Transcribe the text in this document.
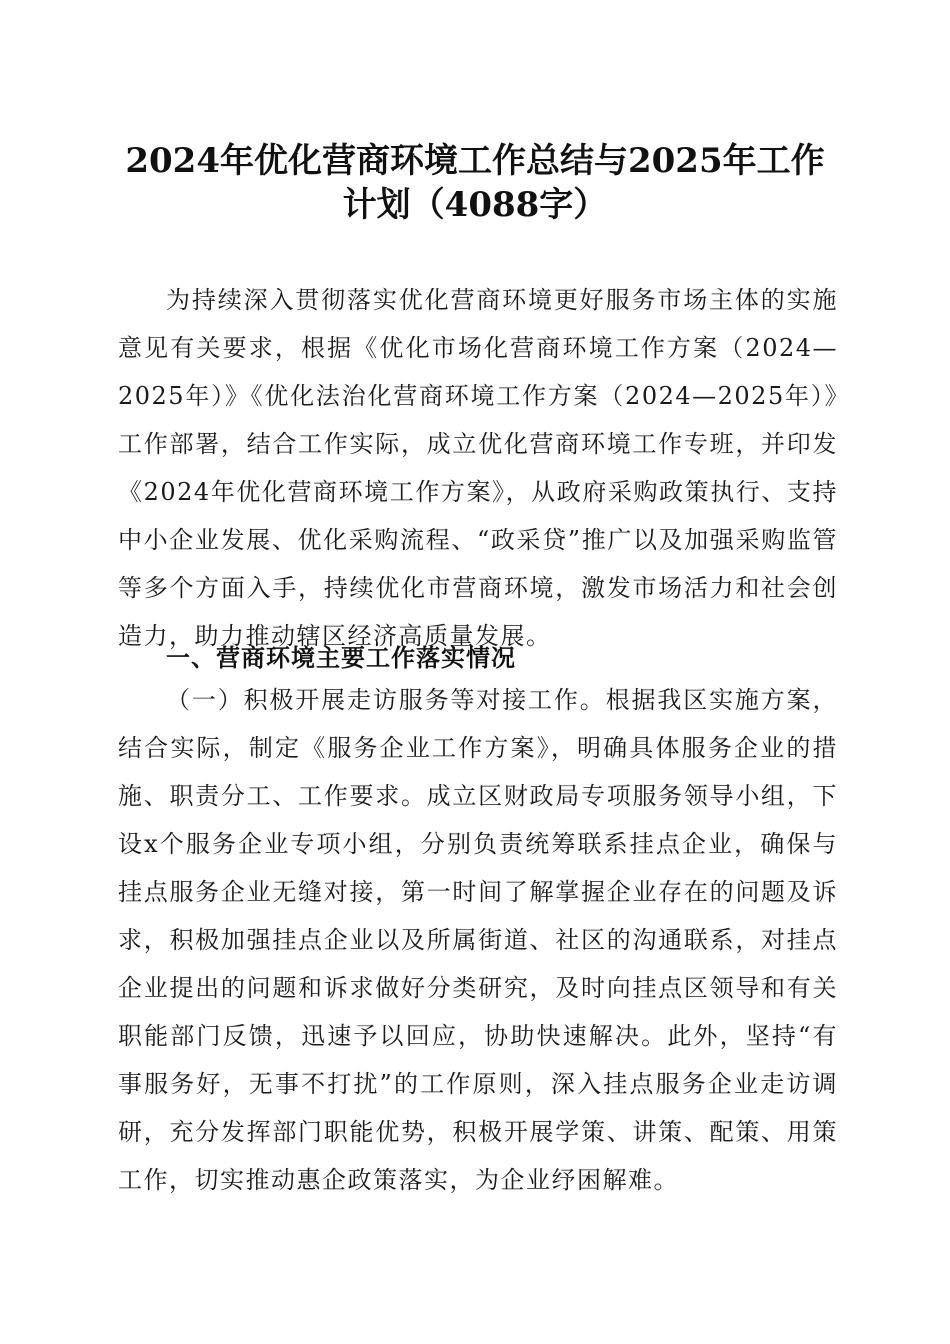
2024年优化营商环境工作总结与2025年工作
计划（4088字）
为持续深入贯彻落实优化营商环境更好服务市场主体的实施意见有关要求，根据《优化市场化营商环境工作方案（2024—2025年）》《优化法治化营商环境工作方案（2024—2025年）》工作部署，结合工作实际，成立优化营商环境工作专班，并印发《2024年优化营商环境工作方案》，从政府采购政策执行、支持中小企业发展、优化采购流程、“政采贷”推广以及加强采购监管等多个方面入手，持续优化市营商环境，激发市场活力和社会创造力，助力推动辖区经济高质量发展。
一、营商环境主要工作落实情况
（一）积极开展走访服务等对接工作。根据我区实施方案，结合实际，制定《服务企业工作方案》，明确具体服务企业的措施、职责分工、工作要求。成立区财政局专项服务领导小组，下设x个服务企业专项小组，分别负责统筹联系挂点企业，确保与挂点服务企业无缝对接，第一时间了解掌握企业存在的问题及诉求，积极加强挂点企业以及所属街道、社区的沟通联系，对挂点企业提出的问题和诉求做好分类研究，及时向挂点区领导和有关职能部门反馈，迅速予以回应，协助快速解决。此外，坚持“有事服务好，无事不打扰”的工作原则，深入挂点服务企业走访调研，充分发挥部门职能优势，积极开展学策、讲策、配策、用策工作，切实推动惠企政策落实，为企业纾困解难。
